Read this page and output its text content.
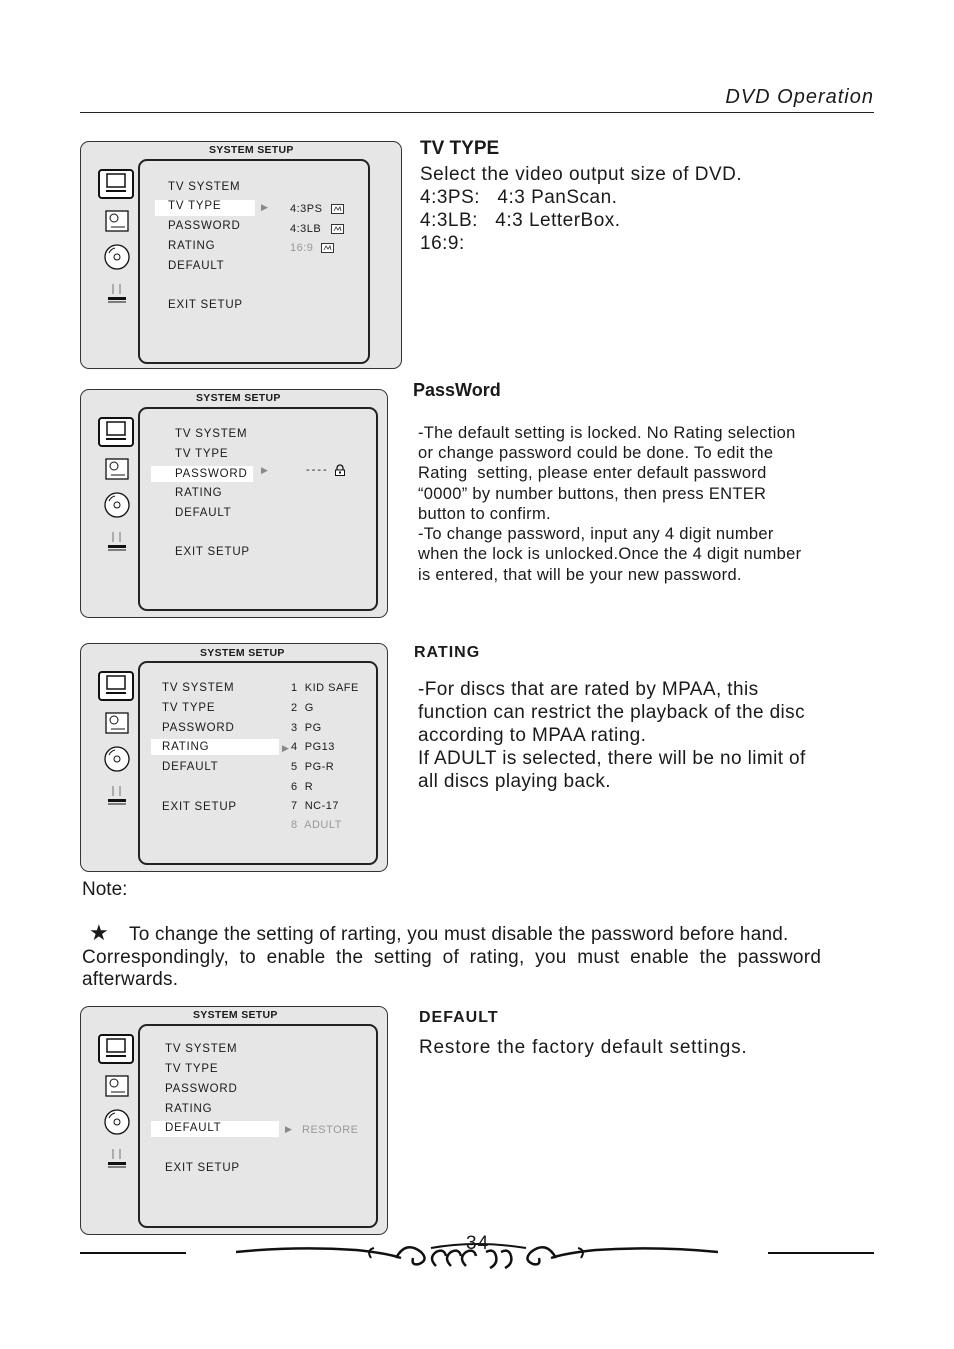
DVD Operation
SYSTEM SETUP
TV SYSTEM
TV TYPE
PASSWORD
RATING
DEFAULT
EXIT SETUP
▶ 4:3PS
4:3LB
16:9
TV TYPE
Select the video output size of DVD.
4:3PS:   4:3 PanScan.
4:3LB:   4:3 LetterBox.
16:9:
SYSTEM SETUP
TV SYSTEM
TV TYPE
PASSWORD
RATING
DEFAULT
EXIT SETUP
▶	----
PassWord
-The default setting is locked. No Rating selection
or change password could be done. To edit the
Rating  setting, please enter default password
“0000” by number buttons, then press ENTER
button to confirm.
-To change password, input any 4 digit number
when the lock is unlocked.Once the 4 digit number
is entered, that will be your new password.
SYSTEM SETUP
TV SYSTEM
TV TYPE
PASSWORD
RATING
DEFAULT
EXIT SETUP
▶
1  KID SAFE
2  G
3  PG
4  PG13
5  PG-R
6  R
7  NC-17
8  ADULT
RATING
-For discs that are rated by MPAA, this
function can restrict the playback of the disc
according to MPAA rating.
If ADULT is selected, there will be no limit of
all discs playing back.
Note:
★ To change the setting of rarting, you must disable the password before hand.
Correspondingly, to enable the setting of rating, you must enable the password
afterwards.
SYSTEM SETUP
TV SYSTEM
TV TYPE
PASSWORD
RATING
DEFAULT
EXIT SETUP
▶ RESTORE
DEFAULT
Restore the factory default settings.
34
